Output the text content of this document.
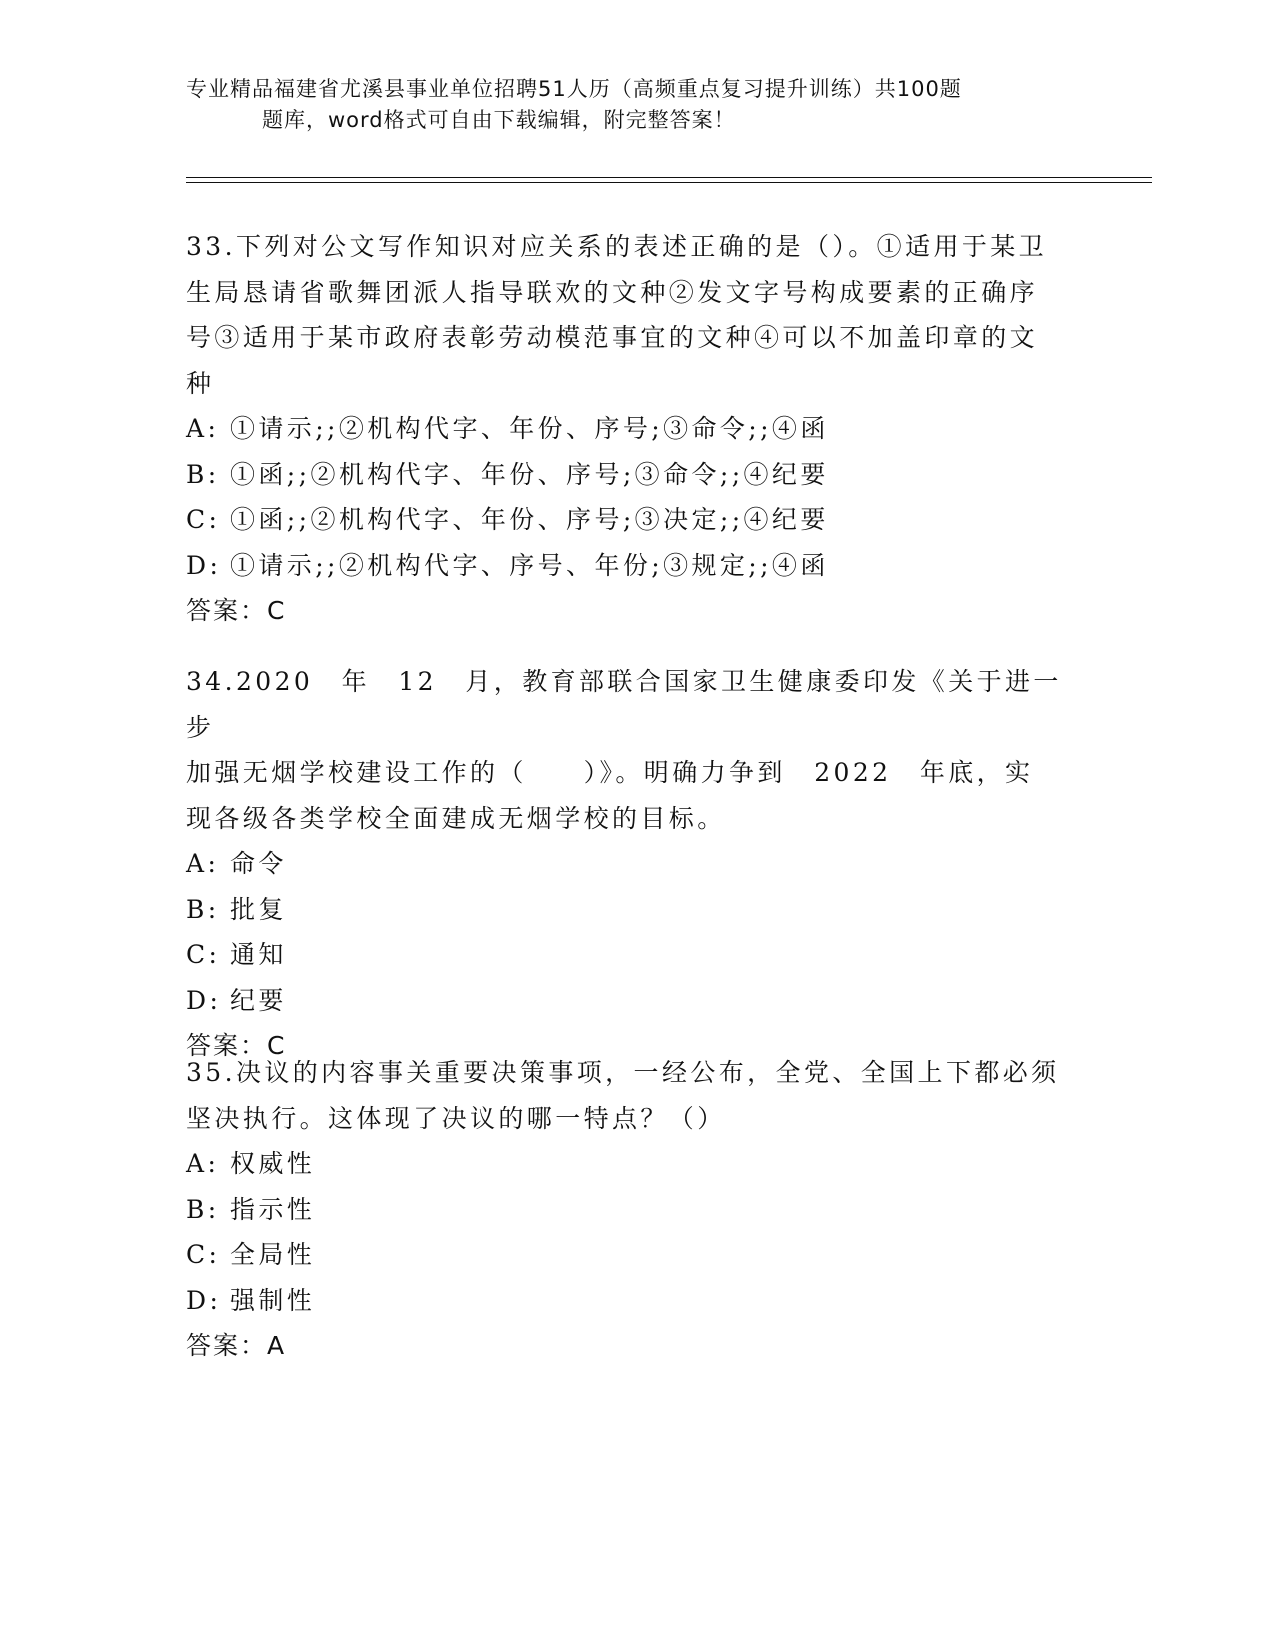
专业精品福建省尤溪县事业单位招聘51人历（高频重点复习提升训练）共100题
题库，word格式可自由下载编辑，附完整答案！
33.下列对公文写作知识对应关系的表述正确的是（）。①适用于某卫
生局恳请省歌舞团派人指导联欢的文种②发文字号构成要素的正确序
号③适用于某市政府表彰劳动模范事宜的文种④可以不加盖印章的文
种
A: ①请示;;②机构代字、年份、序号;③命令;;④函
B: ①函;;②机构代字、年份、序号;③命令;;④纪要
C: ①函;;②机构代字、年份、序号;③决定;;④纪要
D: ①请示;;②机构代字、序号、年份;③规定;;④函
答案：C
34.2020　年　12　月，教育部联合国家卫生健康委印发《关于进一步
加强无烟学校建设工作的（　　）》。明确力争到　2022　年底，实
现各级各类学校全面建成无烟学校的目标。
A: 命令
B: 批复
C: 通知
D: 纪要
答案：C
35.决议的内容事关重要决策事项，一经公布，全党、全国上下都必须
坚决执行。这体现了决议的哪一特点？（）
A: 权威性
B: 指示性
C: 全局性
D: 强制性
答案：A
